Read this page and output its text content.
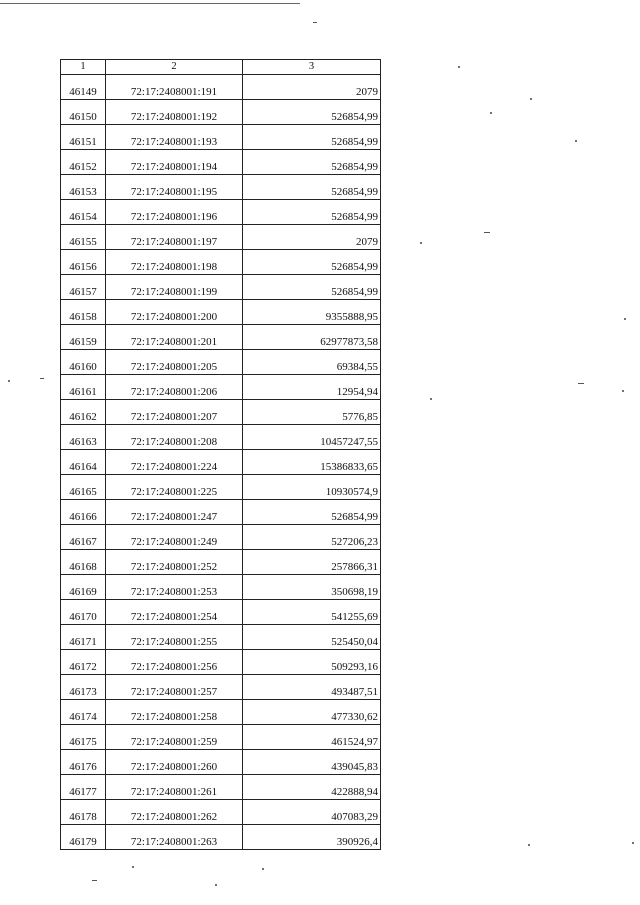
1	2	3
46149	72:17:2408001:191	2079
46150	72:17:2408001:192	526854,99
46151	72:17:2408001:193	526854,99
46152	72:17:2408001:194	526854,99
46153	72:17:2408001:195	526854,99
46154	72:17:2408001:196	526854,99
46155	72:17:2408001:197	2079
46156	72:17:2408001:198	526854,99
46157	72:17:2408001:199	526854,99
46158	72:17:2408001:200	9355888,95
46159	72:17:2408001:201	62977873,58
46160	72:17:2408001:205	69384,55
46161	72:17:2408001:206	12954,94
46162	72:17:2408001:207	5776,85
46163	72:17:2408001:208	10457247,55
46164	72:17:2408001:224	15386833,65
46165	72:17:2408001:225	10930574,9
46166	72:17:2408001:247	526854,99
46167	72:17:2408001:249	527206,23
46168	72:17:2408001:252	257866,31
46169	72:17:2408001:253	350698,19
46170	72:17:2408001:254	541255,69
46171	72:17:2408001:255	525450,04
46172	72:17:2408001:256	509293,16
46173	72:17:2408001:257	493487,51
46174	72:17:2408001:258	477330,62
46175	72:17:2408001:259	461524,97
46176	72:17:2408001:260	439045,83
46177	72:17:2408001:261	422888,94
46178	72:17:2408001:262	407083,29
46179	72:17:2408001:263	390926,4
